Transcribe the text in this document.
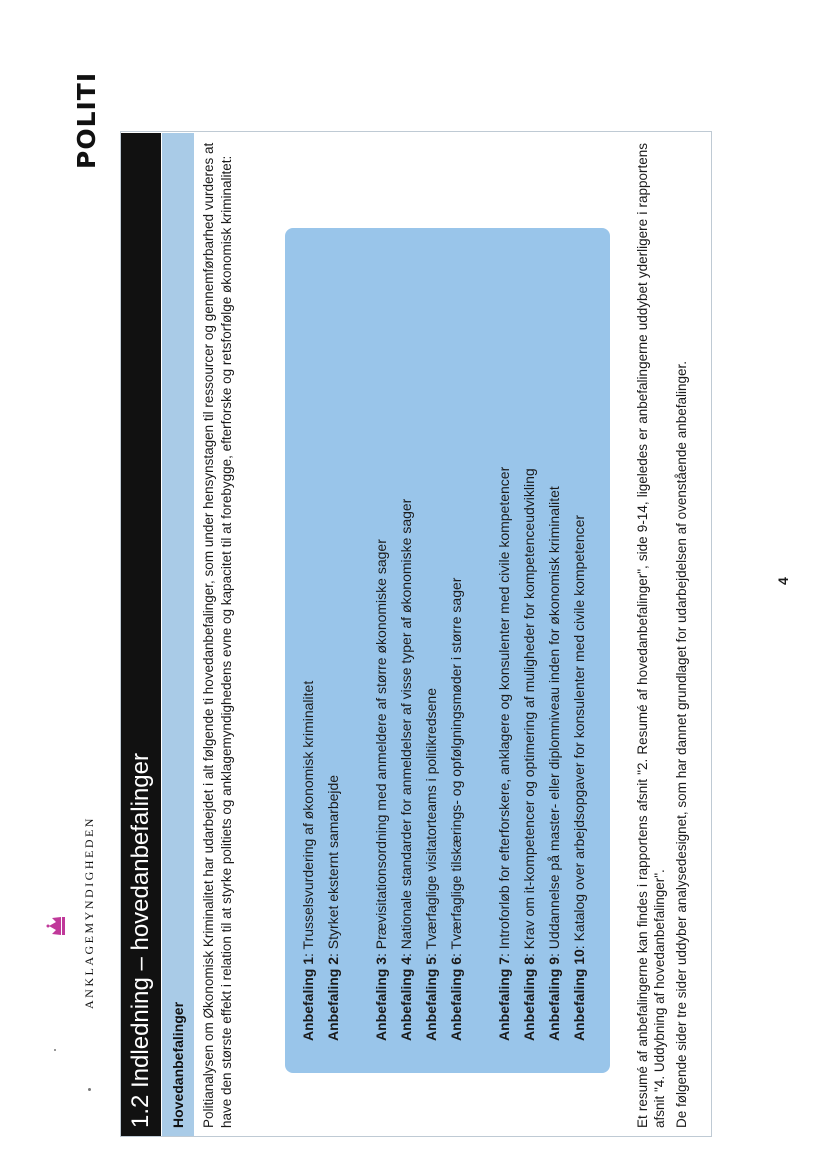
ANKLAGEMYNDIGHEDEN
POLITI
1.2 Indledning – hovedanbefalinger	Hovedanbefalinger	Politianalysen om Økonomisk Kriminalitet har udarbejdet i alt følgende ti hovedanbefalinger, som under hensynstagen til ressourcer og gennemførbarhed vurderes at have den største effekt i relation til at styrke politiets og anklagemyndighedens evne og kapacitet til at forebygge, efterforske og retsforfølge økonomisk kriminalitet:	Anbefaling 1: Trusselsvurdering af økonomisk kriminalitet
Anbefaling 2: Styrket eksternt samarbejde
Anbefaling 3: Prævisitationsordning med anmeldere af større økonomiske sager
Anbefaling 4: Nationale standarder for anmeldelser af visse typer af økonomiske sager
Anbefaling 5: Tværfaglige visitatorteams i politikredsene
Anbefaling 6: Tværfaglige tilskærings- og opfølgningsmøder i større sager
Anbefaling 7: Introforløb for efterforskere, anklagere og konsulenter med civile kompetencer
Anbefaling 8: Krav om it-kompetencer og optimering af muligheder for kompetenceudvikling
Anbefaling 9: Uddannelse på master- eller diplomniveau inden for økonomisk kriminalitet
Anbefaling 10: Katalog over arbejdsopgaver for konsulenter med civile kompetencer	Et resumé af anbefalingerne kan findes i rapportens afsnit "2. Resumé af hovedanbefalinger", side 9-14, ligeledes er anbefalingerne uddybet yderligere i rapportens afsnit "4. Uddybning af hovedanbefalinger". De følgende sider tre sider uddyber analysedesignet, som har dannet grundlaget for udarbejdelsen af ovenstående anbefalinger.	4
